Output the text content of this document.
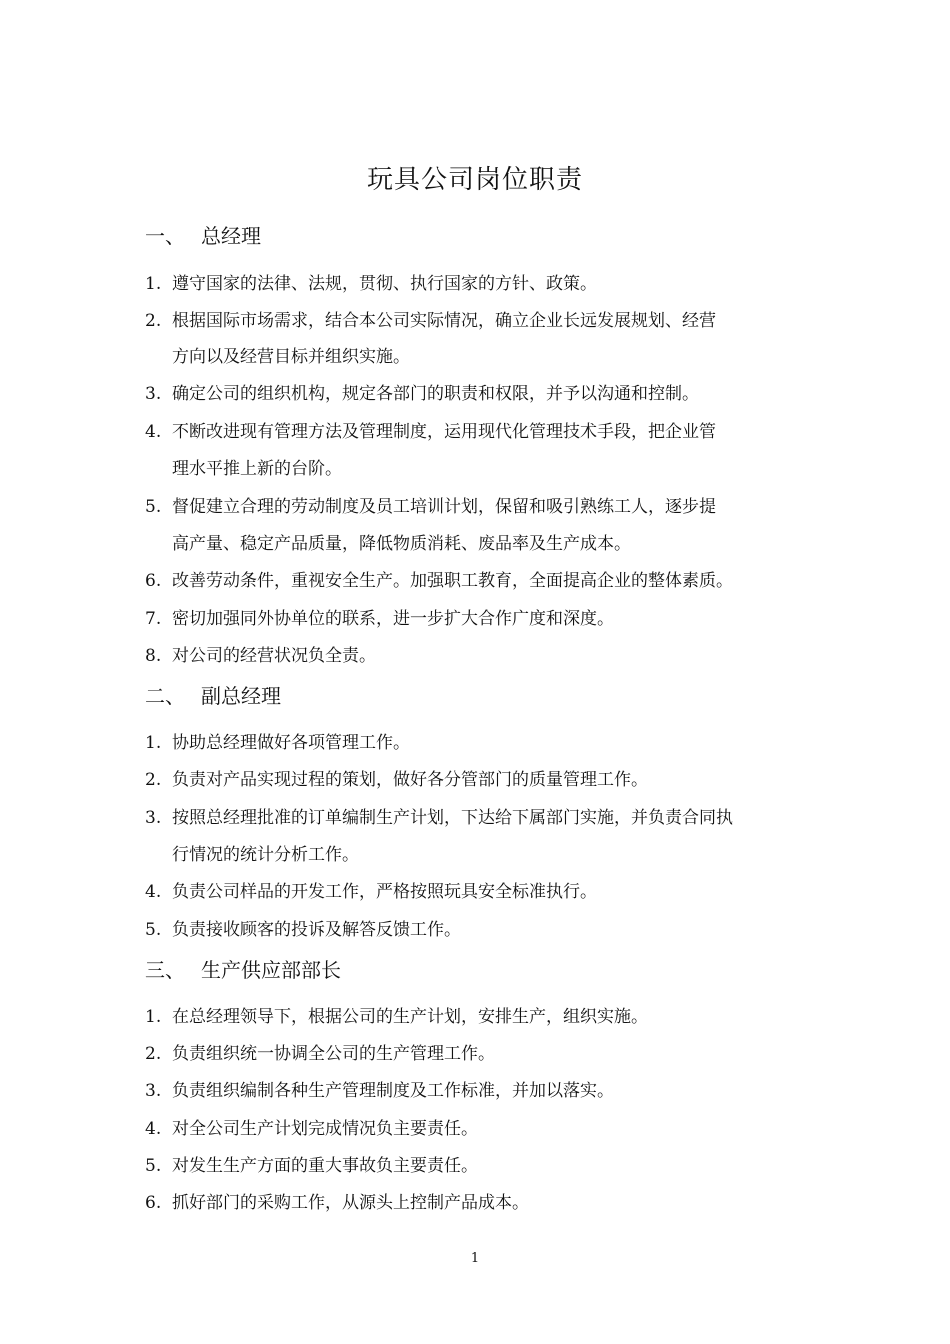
玩具公司岗位职责
一、 总经理
1. 遵守国家的法律、法规，贯彻、执行国家的方针、政策。
2. 根据国际市场需求，结合本公司实际情况，确立企业长远发展规划、经营
方向以及经营目标并组织实施。
3. 确定公司的组织机构，规定各部门的职责和权限，并予以沟通和控制。
4. 不断改进现有管理方法及管理制度，运用现代化管理技术手段，把企业管
理水平推上新的台阶。
5. 督促建立合理的劳动制度及员工培训计划，保留和吸引熟练工人，逐步提
高产量、稳定产品质量，降低物质消耗、废品率及生产成本。
6. 改善劳动条件，重视安全生产。加强职工教育，全面提高企业的整体素质。
7. 密切加强同外协单位的联系，进一步扩大合作广度和深度。
8. 对公司的经营状况负全责。
二、 副总经理
1. 协助总经理做好各项管理工作。
2. 负责对产品实现过程的策划，做好各分管部门的质量管理工作。
3. 按照总经理批准的订单编制生产计划，下达给下属部门实施，并负责合同执
行情况的统计分析工作。
4. 负责公司样品的开发工作，严格按照玩具安全标准执行。
5. 负责接收顾客的投诉及解答反馈工作。
三、 生产供应部部长
1. 在总经理领导下，根据公司的生产计划，安排生产，组织实施。
2. 负责组织统一协调全公司的生产管理工作。
3. 负责组织编制各种生产管理制度及工作标准，并加以落实。
4. 对全公司生产计划完成情况负主要责任。
5. 对发生生产方面的重大事故负主要责任。
6. 抓好部门的采购工作，从源头上控制产品成本。
1
